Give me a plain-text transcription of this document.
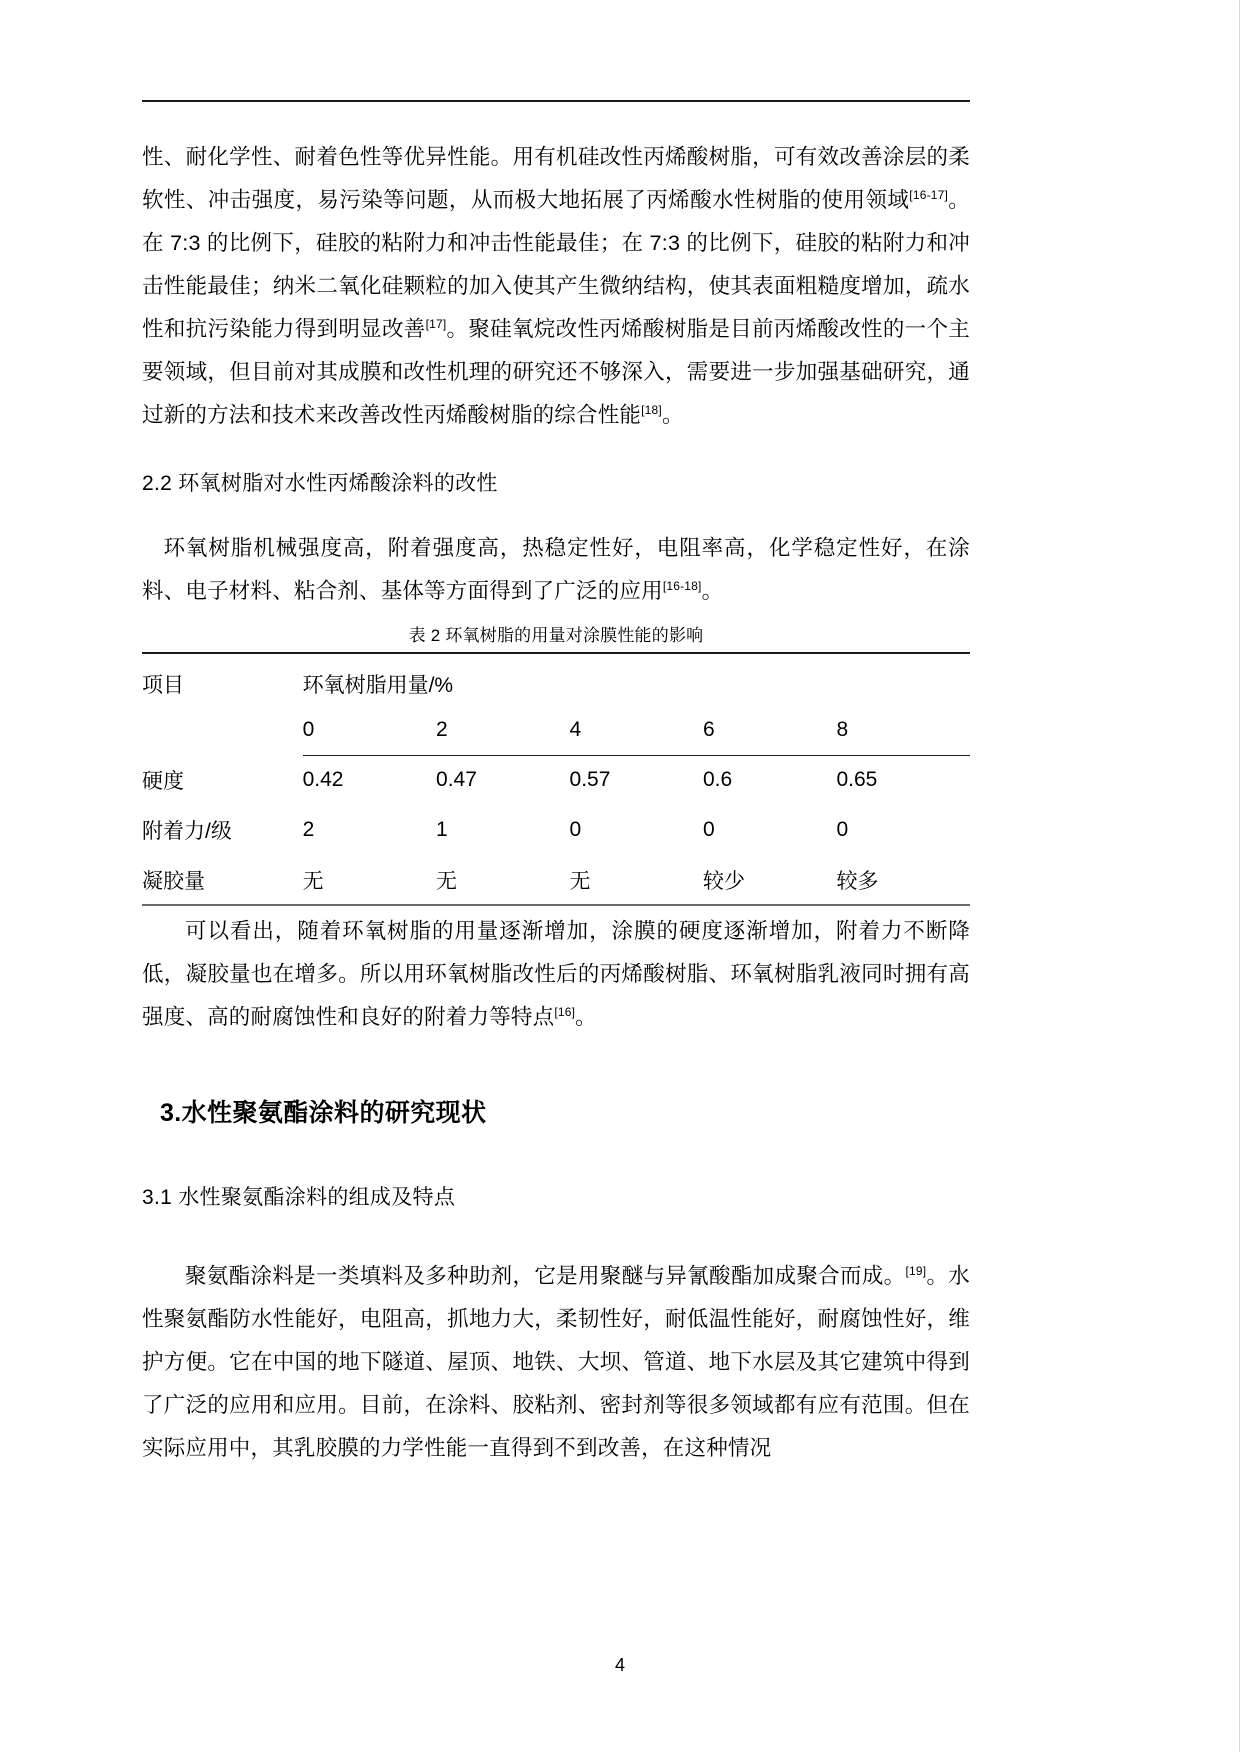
性、耐化学性、耐着色性等优异性能。用有机硅改性丙烯酸树脂，可有效改善涂层的柔软性、冲击强度，易污染等问题，从而极大地拓展了丙烯酸水性树脂的使用领域[16-17]。在 7:3 的比例下，硅胶的粘附力和冲击性能最佳；在 7:3 的比例下，硅胶的粘附力和冲击性能最佳；纳米二氧化硅颗粒的加入使其产生微纳结构，使其表面粗糙度增加，疏水性和抗污染能力得到明显改善[17]。聚硅氧烷改性丙烯酸树脂是目前丙烯酸改性的一个主要领域，但目前对其成膜和改性机理的研究还不够深入，需要进一步加强基础研究，通过新的方法和技术来改善改性丙烯酸树脂的综合性能[18]。

2.2 环氧树脂对水性丙烯酸涂料的改性

环氧树脂机械强度高，附着强度高，热稳定性好，电阻率高，化学稳定性好，在涂料、电子材料、粘合剂、基体等方面得到了广泛的应用[16-18]。

表 2 环氧树脂的用量对涂膜性能的影响
项目	环氧树脂用量/%				
	0	2	4	6	8
硬度	0.42	0.47	0.57	0.6	0.65
附着力/级	2	1	0	0	0
凝胶量	无	无	无	较少	较多

可以看出，随着环氧树脂的用量逐渐增加，涂膜的硬度逐渐增加，附着力不断降低，凝胶量也在增多。所以用环氧树脂改性后的丙烯酸树脂、环氧树脂乳液同时拥有高强度、高的耐腐蚀性和良好的附着力等特点[16]。

3.水性聚氨酯涂料的研究现状
3.1 水性聚氨酯涂料的组成及特点

聚氨酯涂料是一类填料及多种助剂，它是用聚醚与异氰酸酯加成聚合而成。[19]。水性聚氨酯防水性能好，电阻高，抓地力大，柔韧性好，耐低温性能好，耐腐蚀性好，维护方便。它在中国的地下隧道、屋顶、地铁、大坝、管道、地下水层及其它建筑中得到了广泛的应用和应用。目前，在涂料、胶粘剂、密封剂等很多领域都有应有范围。但在实际应用中，其乳胶膜的力学性能一直得到不到改善，在这种情况

4
